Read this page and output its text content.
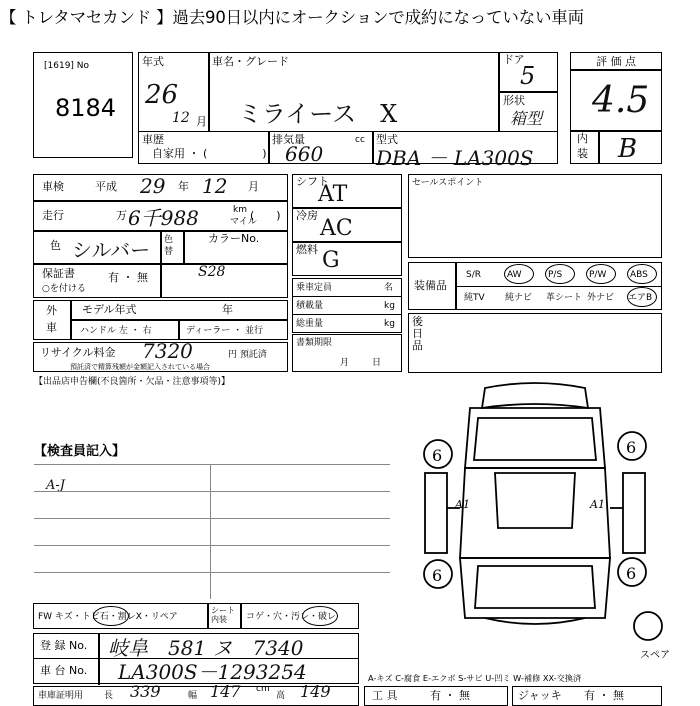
【 トレタマセカンド 】過去90日以内にオークションで成約になっていない車両
[1619] No
8184
年式
26
12 月
車名・グレード
ミライース　X
ドア
5
形状
箱型
評 価 点
4.5
内
装 B
車歴
自家用 ・ (　　　　　)
排気量	cc
660
型式
DBA － LA300S
車検	平成 29 年 12 月
走行	万 6千988	km
マイル
(　　)
色 シルバー 色替
カラーNo.
S28
保証書
○を付ける
有 ・ 無
外
車
モデル年式	年
ハンドル 左 ・ 右	ディーラー ・ 並行
リサイクル料金 7320	円 預託済
預託済で精算残額が金額記入されている場合
【出品店申告欄(不良箇所・欠品・注意事項等)】
シフト
AT
冷房
AC
燃料 G
乗車定員	名
積載量	kg
総重量	kg
書類期限
月	日
セールスポイント
装備品
S/R	AW	P/S	P/W	ABS
純TV 純ナビ 革シート 外ナビ エアB
後
日
品
【検査員記入】
A-J
FW キズ・トビ石・割レX・リペア
シート内装	コゲ・穴・汚レ・破レ
登 録 No. 岐阜　581 ヌ　7340
車 台 No. LA300S－1293254
車庫証明用 長 339	cm
幅 147	高 149	工 具	有 ・ 無	ジャッキ 有 ・ 無
A-キズ C-腐食 E-エクボ S-サビ U-凹ミ W-補修 XX-交換済
スペア
6	6
6	6
A1	A1
